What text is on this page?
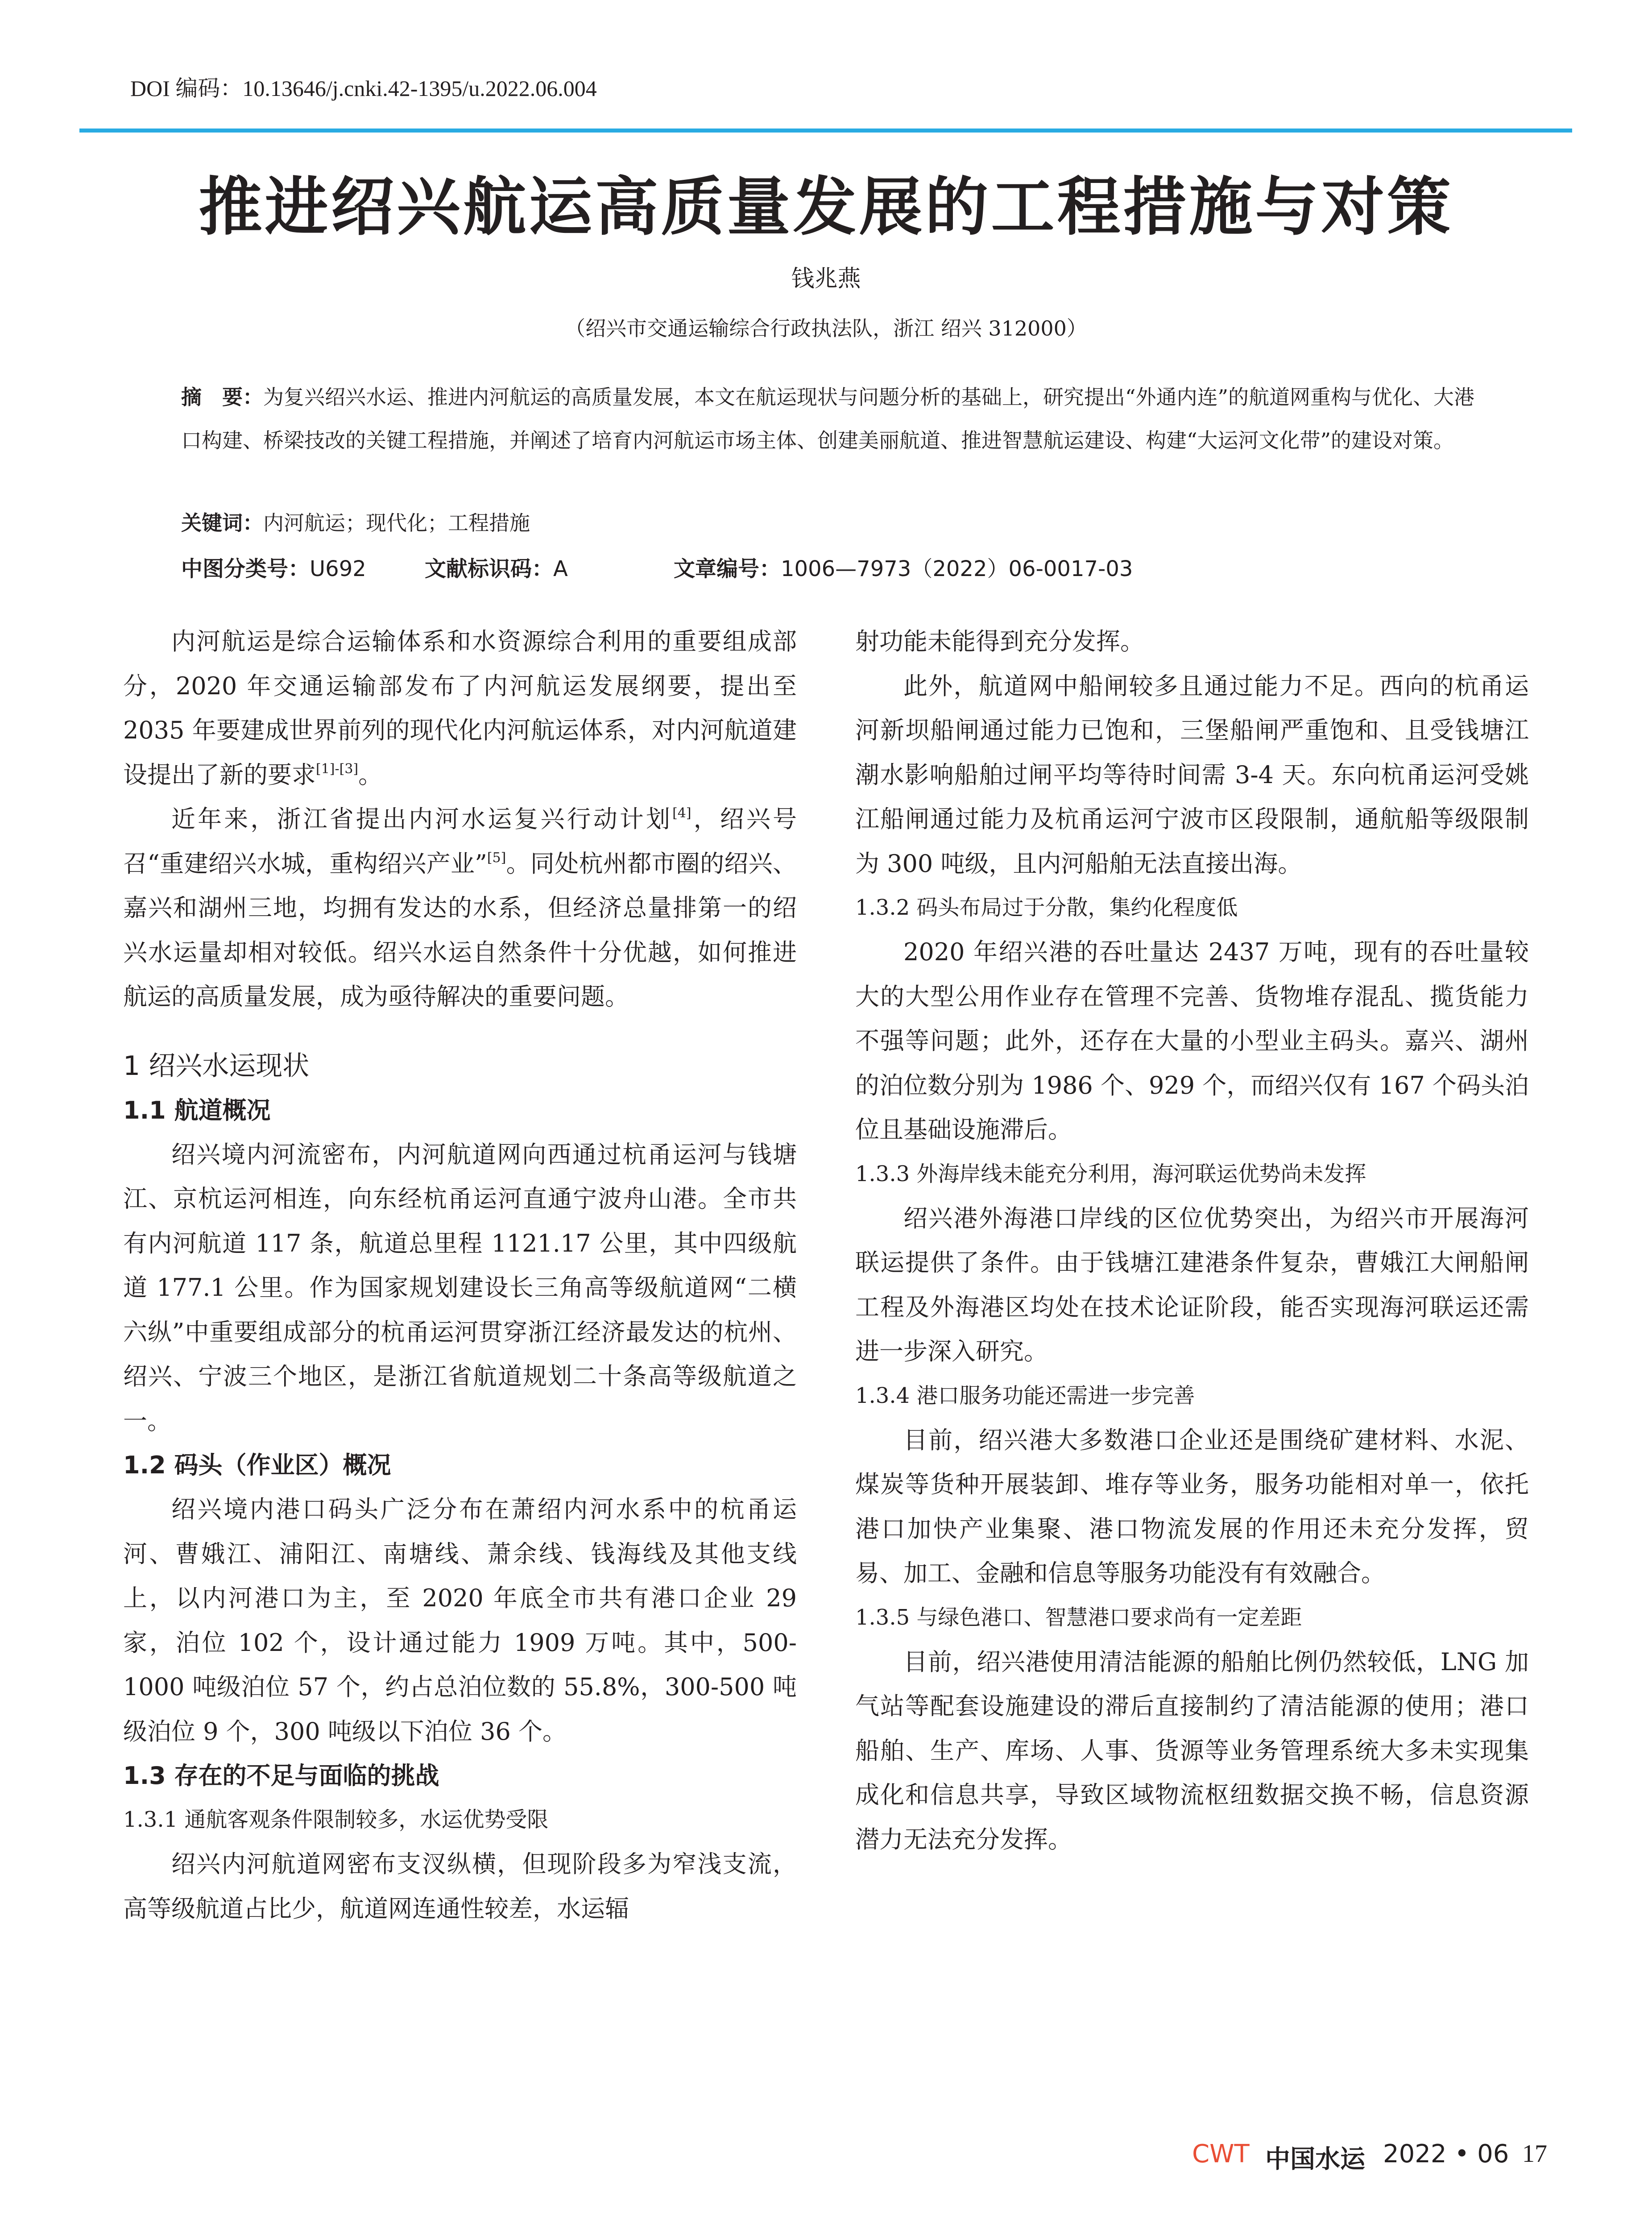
DOI 编码：10.13646/j.cnki.42-1395/u.2022.06.004
推进绍兴航运高质量发展的工程措施与对策
钱兆燕
（绍兴市交通运输综合行政执法队，浙江 绍兴 312000）
摘　要：为复兴绍兴水运、推进内河航运的高质量发展，本文在航运现状与问题分析的基础上，研究提出“外通内连”的航道网重构与优化、大港口构建、桥梁技改的关键工程措施，并阐述了培育内河航运市场主体、创建美丽航道、推进智慧航运建设、构建“大运河文化带”的建设对策。
关键词：内河航运；现代化；工程措施
中图分类号：U692	文献标识码：A	文章编号：1006—7973（2022）06-0017-03

内河航运是综合运输体系和水资源综合利用的重要组成部分，2020 年交通运输部发布了内河航运发展纲要，提出至 2035 年要建成世界前列的现代化内河航运体系，对内河航道建设提出了新的要求[1]-[3]。

近年来，浙江省提出内河水运复兴行动计划[4]，绍兴号召“重建绍兴水城，重构绍兴产业”[5]。同处杭州都市圈的绍兴、嘉兴和湖州三地，均拥有发达的水系，但经济总量排第一的绍兴水运量却相对较低。绍兴水运自然条件十分优越，如何推进航运的高质量发展，成为亟待解决的重要问题。

1 绍兴水运现状
1.1 航道概况

绍兴境内河流密布，内河航道网向西通过杭甬运河与钱塘江、京杭运河相连，向东经杭甬运河直通宁波舟山港。全市共有内河航道 117 条，航道总里程 1121.17 公里，其中四级航道 177.1 公里。作为国家规划建设长三角高等级航道网“二横六纵”中重要组成部分的杭甬运河贯穿浙江经济最发达的杭州、绍兴、宁波三个地区，是浙江省航道规划二十条高等级航道之一。

1.2 码头（作业区）概况

绍兴境内港口码头广泛分布在萧绍内河水系中的杭甬运河、曹娥江、浦阳江、南塘线、萧余线、钱海线及其他支线上，以内河港口为主，至 2020 年底全市共有港口企业 29 家，泊位 102 个，设计通过能力 1909 万吨。其中，500-1000 吨级泊位 57 个，约占总泊位数的 55.8%，300-500 吨级泊位 9 个，300 吨级以下泊位 36 个。

1.3 存在的不足与面临的挑战
1.3.1 通航客观条件限制较多，水运优势受限

绍兴内河航道网密布支汊纵横，但现阶段多为窄浅支流，高等级航道占比少，航道网连通性较差，水运辐

射功能未能得到充分发挥。

此外，航道网中船闸较多且通过能力不足。西向的杭甬运河新坝船闸通过能力已饱和，三堡船闸严重饱和、且受钱塘江潮水影响船舶过闸平均等待时间需 3-4 天。东向杭甬运河受姚江船闸通过能力及杭甬运河宁波市区段限制，通航船等级限制为 300 吨级，且内河船舶无法直接出海。

1.3.2 码头布局过于分散，集约化程度低

2020 年绍兴港的吞吐量达 2437 万吨，现有的吞吐量较大的大型公用作业存在管理不完善、货物堆存混乱、揽货能力不强等问题；此外，还存在大量的小型业主码头。嘉兴、湖州的泊位数分别为 1986 个、929 个，而绍兴仅有 167 个码头泊位且基础设施滞后。

1.3.3 外海岸线未能充分利用，海河联运优势尚未发挥

绍兴港外海港口岸线的区位优势突出，为绍兴市开展海河联运提供了条件。由于钱塘江建港条件复杂，曹娥江大闸船闸工程及外海港区均处在技术论证阶段，能否实现海河联运还需进一步深入研究。

1.3.4 港口服务功能还需进一步完善

目前，绍兴港大多数港口企业还是围绕矿建材料、水泥、煤炭等货种开展装卸、堆存等业务，服务功能相对单一，依托港口加快产业集聚、港口物流发展的作用还未充分发挥，贸易、加工、金融和信息等服务功能没有有效融合。

1.3.5 与绿色港口、智慧港口要求尚有一定差距

目前，绍兴港使用清洁能源的船舶比例仍然较低，LNG 加气站等配套设施建设的滞后直接制约了清洁能源的使用；港口船舶、生产、库场、人事、货源等业务管理系统大多未实现集成化和信息共享，导致区域物流枢纽数据交换不畅，信息资源潜力无法充分发挥。

CWT 中国水运 2022 • 06 17
